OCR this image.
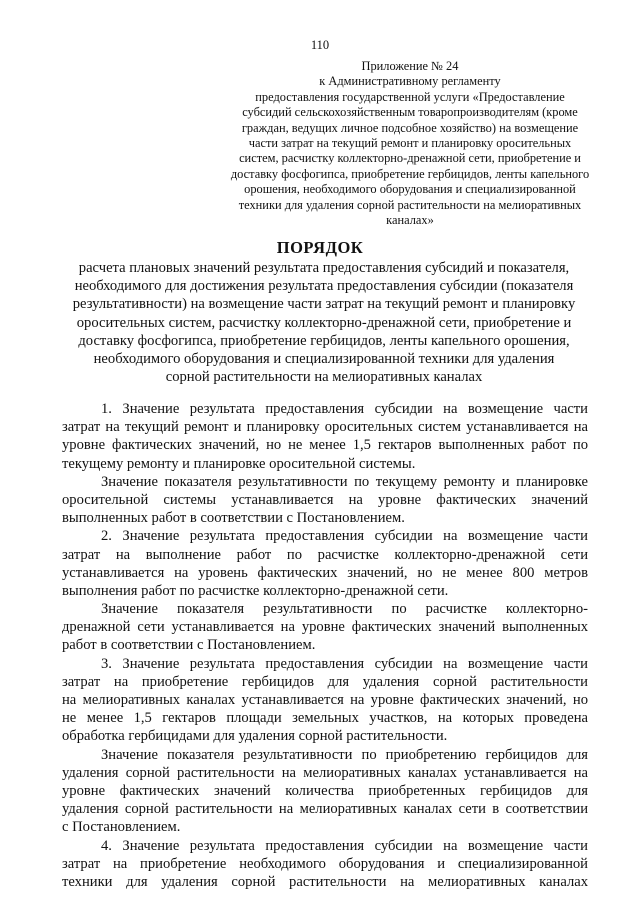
110
Приложение № 24
к Административному регламенту
предоставления государственной услуги «Предоставление
субсидий сельскохозяйственным товаропроизводителям (кроме
граждан, ведущих личное подсобное хозяйство) на возмещение
части затрат на текущий ремонт и планировку оросительных
систем, расчистку коллекторно-дренажной сети, приобретение и
доставку фосфогипса, приобретение гербицидов, ленты капельного
орошения, необходимого оборудования и специализированной
техники для удаления сорной растительности на мелиоративных
каналах»
ПОРЯДОК
расчета плановых значений результата предоставления субсидий и показателя,
необходимого для достижения результата предоставления субсидии (показателя
результативности) на возмещение части затрат на текущий ремонт и планировку
оросительных систем, расчистку коллекторно-дренажной сети, приобретение и
доставку фосфогипса, приобретение гербицидов, ленты капельного орошения,
необходимого оборудования и специализированной техники для удаления
сорной растительности на мелиоративных каналах
1. Значение результата предоставления субсидии на возмещение части
затрат на текущий ремонт и планировку оросительных систем устанавливается на
уровне фактических значений, но не менее 1,5 гектаров выполненных работ по
текущему ремонту и планировке оросительной системы.
Значение показателя результативности по текущему ремонту и планировке
оросительной системы устанавливается на уровне фактических значений
выполненных работ в соответствии с Постановлением.
2. Значение результата предоставления субсидии на возмещение части
затрат на выполнение работ по расчистке коллекторно-дренажной сети
устанавливается на уровень фактических значений, но не менее 800 метров
выполнения работ по расчистке коллекторно-дренажной сети.
Значение показателя результативности по расчистке коллекторно-
дренажной сети устанавливается на уровне фактических значений выполненных
работ в соответствии с Постановлением.
3. Значение результата предоставления субсидии на возмещение части
затрат на приобретение гербицидов для удаления сорной растительности
на мелиоративных каналах устанавливается на уровне фактических значений, но
не менее 1,5 гектаров площади земельных участков, на которых проведена
обработка гербицидами для удаления сорной растительности.
Значение показателя результативности по приобретению гербицидов для
удаления сорной растительности на мелиоративных каналах устанавливается на
уровне фактических значений количества приобретенных гербицидов для
удаления сорной растительности на мелиоративных каналах сети в соответствии
с Постановлением.
4. Значение результата предоставления субсидии на возмещение части
затрат на приобретение необходимого оборудования и специализированной
техники для удаления сорной растительности на мелиоративных каналах
